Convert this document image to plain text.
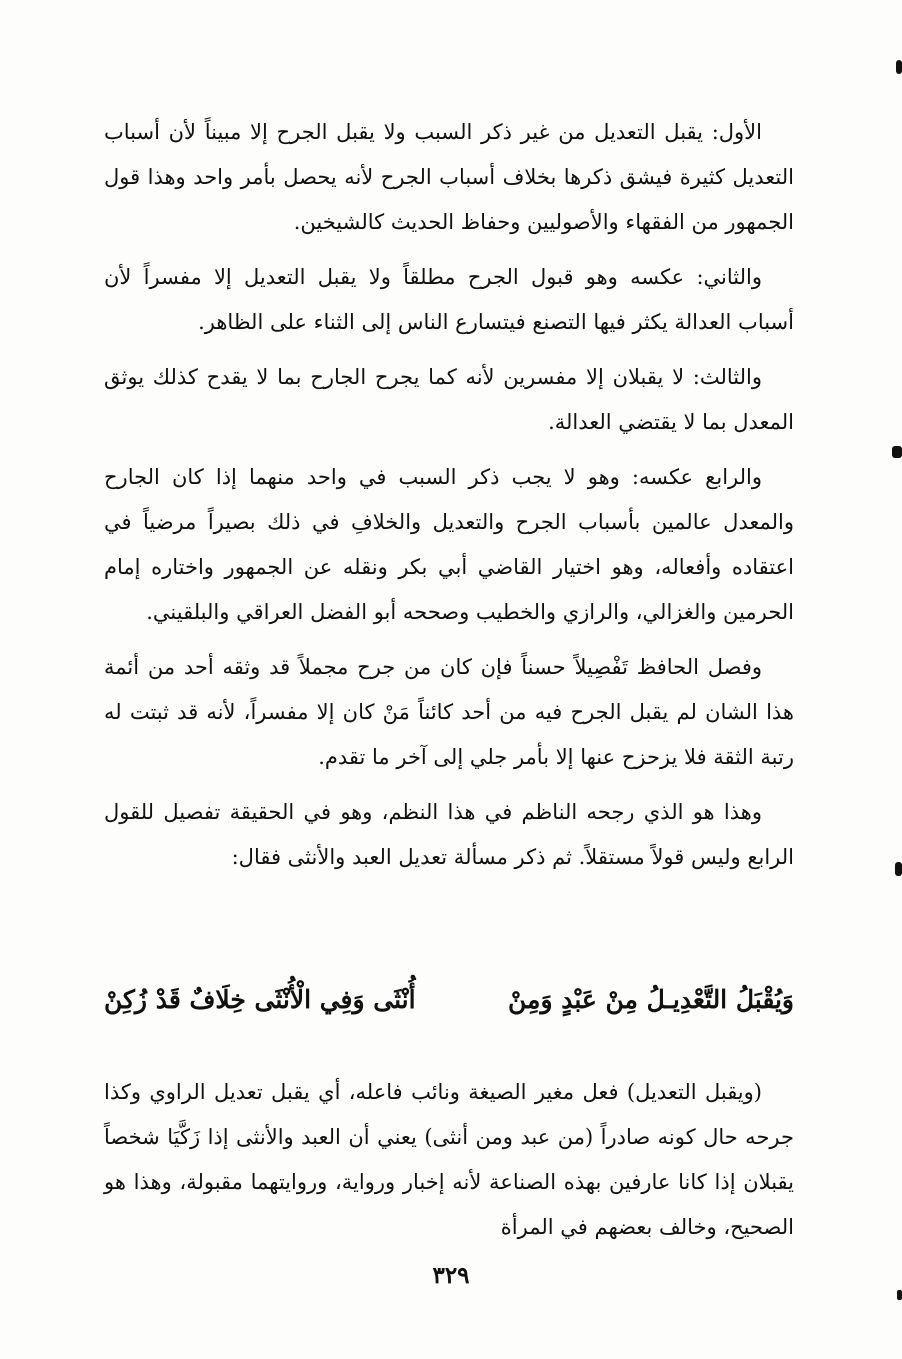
الأول: يقبل التعديل من غير ذكر السبب ولا يقبل الجرح إلا مبيناً لأن أسباب التعديل كثيرة فيشق ذكرها بخلاف أسباب الجرح لأنه يحصل بأمر واحد وهذا قول الجمهور من الفقهاء والأصوليين وحفاظ الحديث كالشيخين.

والثاني: عكسه وهو قبول الجرح مطلقاً ولا يقبل التعديل إلا مفسراً لأن أسباب العدالة يكثر فيها التصنع فيتسارع الناس إلى الثناء على الظاهر.

والثالث: لا يقبلان إلا مفسرين لأنه كما يجرح الجارح بما لا يقدح كذلك يوثق المعدل بما لا يقتضي العدالة.

والرابع عكسه: وهو لا يجب ذكر السبب في واحد منهما إذا كان الجارح والمعدل عالمين بأسباب الجرح والتعديل والخلافِ في ذلك بصيراً مرضياً في اعتقاده وأفعاله، وهو اختيار القاضي أبي بكر ونقله عن الجمهور واختاره إمام الحرمين والغزالي، والرازي والخطيب وصححه أبو الفضل العراقي والبلقيني.

وفصل الحافظ تَفْصِيلاً حسناً فإن كان من جرح مجملاً قد وثقه أحد من أئمة هذا الشان لم يقبل الجرح فيه من أحد كائناً مَنْ كان إلا مفسراً، لأنه قد ثبتت له رتبة الثقة فلا يزحزح عنها إلا بأمر جلي إلى آخر ما تقدم.

وهذا هو الذي رجحه الناظم في هذا النظم، وهو في الحقيقة تفصيل للقول الرابع وليس قولاً مستقلاً. ثم ذكر مسألة تعديل العبد والأنثى فقال:

وَيُقْبَلُ التَّعْدِيـلُ مِنْ عَبْدٍ وَمِنْ
أُنْثَى وَفِي الْأُنْثَى خِلَافٌ قَدْ زُكِنْ

(ويقبل التعديل) فعل مغير الصيغة ونائب فاعله، أي يقبل تعديل الراوي وكذا جرحه حال كونه صادراً (من عبد ومن أنثى) يعني أن العبد والأنثى إذا زَكَّيَا شخصاً يقبلان إذا كانا عارفين بهذه الصناعة لأنه إخبار ورواية، وروايتهما مقبولة، وهذا هو الصحيح، وخالف بعضهم في المرأة

٣٢٩
